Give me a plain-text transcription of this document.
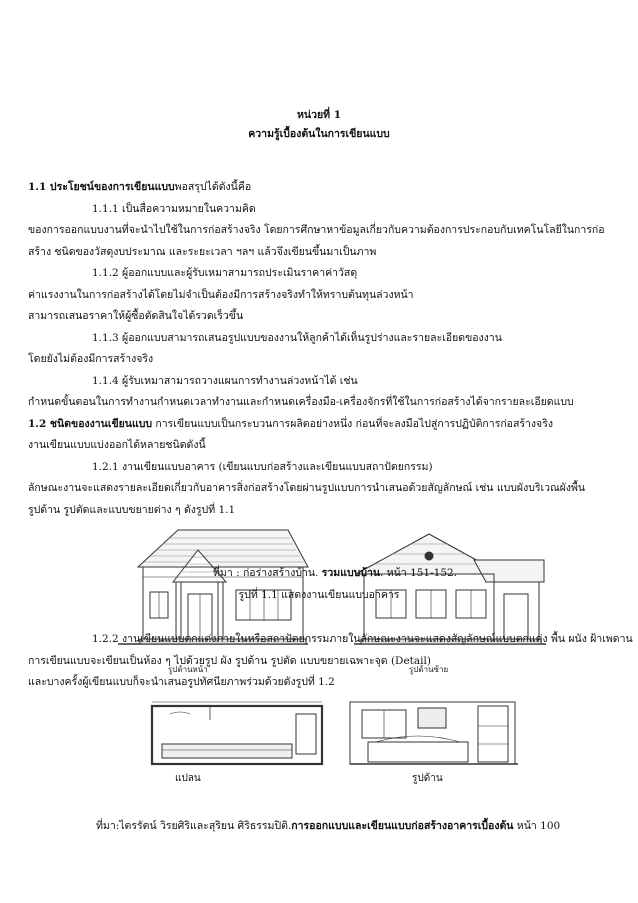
หน่วยที่ 1
ความรู้เบื้องต้นในการเขียนแบบ
1.1 ประโยชน์ของการเขียนแบบพอสรุปได้ดังนี้คือ
1.1.1 เป็นสื่อความหมายในความคิด
ของการออกแบบงานที่จะนำไปใช้ในการก่อสร้างจริง โดยการศึกษาหาข้อมูลเกี่ยวกับความต้องการประกอบกับเทคโนโลยีในการก่อ
สร้าง ชนิดของวัสดุงบประมาณ และระยะเวลา ฯลฯ แล้วจึงเขียนขึ้นมาเป็นภาพ
1.1.2 ผู้ออกแบบและผู้รับเหมาสามารถประเมินราคาค่าวัสดุ
ค่าแรงงานในการก่อสร้างได้โดยไม่จำเป็นต้องมีการสร้างจริงทำให้ทราบต้นทุนล่วงหน้า
สามารถเสนอราคาให้ผู้ซื้อตัดสินใจได้รวดเร็วขึ้น
1.1.3 ผู้ออกแบบสามารถเสนอรูปแบบของงานให้ลูกค้าได้เห็นรูปร่างและรายละเอียดของงาน
โดยยังไม่ต้องมีการสร้างจริง
1.1.4 ผู้รับเหมาสามารถวางแผนการทำงานล่วงหน้าได้ เช่น
กำหนดขั้นตอนในการทำงานกำหนดเวลาทำงานและกำหนดเครื่องมือ-เครื่องจักรที่ใช้ในการก่อสร้างได้จากรายละเอียดแบบ
1.2 ชนิดของงานเขียนแบบ การเขียนแบบเป็นกระบวนการผลิตอย่างหนึ่ง ก่อนที่จะลงมือไปสู่การปฏิบัติการก่อสร้างจริง
งานเขียนแบบแบ่งออกได้หลายชนิดดังนี้
1.2.1 งานเขียนแบบอาคาร (เขียนแบบก่อสร้างและเขียนแบบสถาปัตยกรรม)
ลักษณะงานจะแสดงรายละเอียดเกี่ยวกับอาคารสิ่งก่อสร้างโดยผ่านรูปแบบการนำเสนอด้วยสัญลักษณ์ เช่น แบบผังบริเวณผังพื้น
รูปด้าน รูปตัดและแบบขยายต่าง ๆ ดังรูปที่ 1.1
รูปด้านหน้า	รูปด้านซ้าย
ที่มา : ก่อร่างสร้างบ้าน. รวมแบบบ้าน. หน้า 151-152.
รูปที่ 1.1 แสดงงานเขียนแบบอาคาร
1.2.2 งานเขียนแบบตกแต่งภายในหรือสถาปัตยกรรมภายในลักษณะงานจะแสดงสัญลักษณ์แบบตกแต่ง พื้น ผนัง ฝ้าเพดาน
การเขียนแบบจะเขียนเป็นห้อง ๆ ไปด้วยรูป ผัง รูปด้าน รูปตัด แบบขยายเฉพาะจุด (Detail)
และบางครั้งผู้เขียนแบบก็จะนำเสนอรูปทัศนียภาพร่วมด้วยดังรูปที่ 1.2
แปลน	รูปด้าน
ที่มา:ไตรรัตน์ วิรยศิริและสุริยน ศิริธรรมปิติ.การออกแบบและเขียนแบบก่อสร้างอาคารเบื้องต้น หน้า 100
